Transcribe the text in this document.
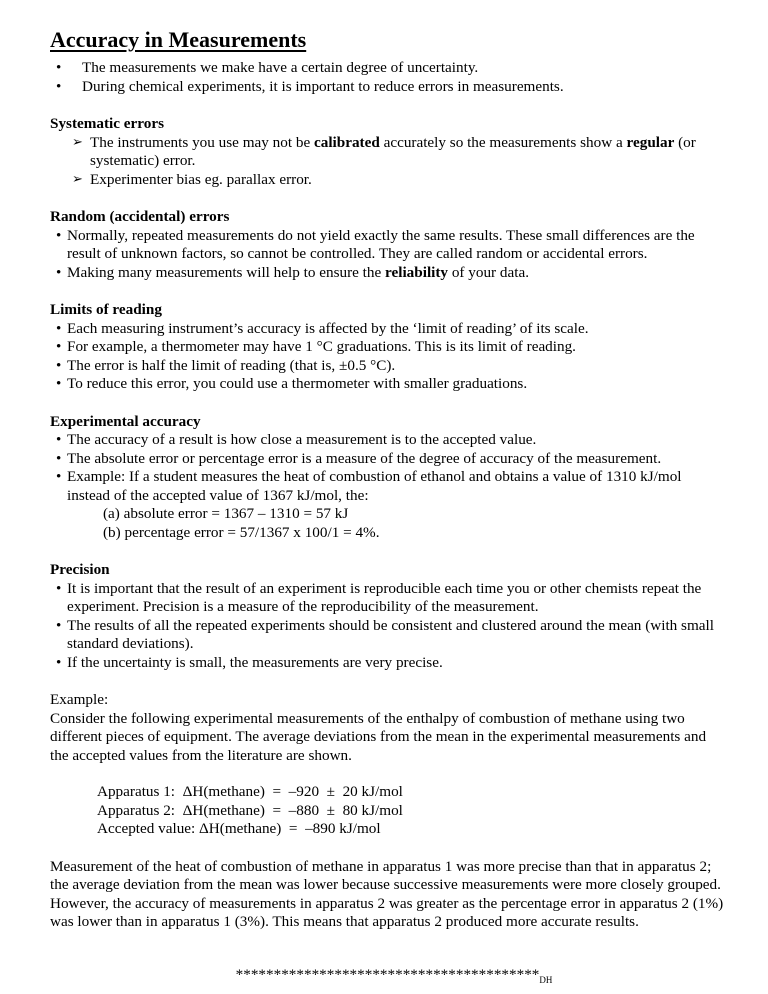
Accuracy in Measurements
• The measurements we make have a certain degree of uncertainty.
• During chemical experiments, it is important to reduce errors in measurements.
Systematic errors
➢ The instruments you use may not be calibrated accurately so the measurements show a regular (or systematic) error.
➢ Experimenter bias eg. parallax error.
Random (accidental) errors
• Normally, repeated measurements do not yield exactly the same results. These small differences are the result of unknown factors, so cannot be controlled. They are called random or accidental errors.
• Making many measurements will help to ensure the reliability of your data.
Limits of reading
• Each measuring instrument’s accuracy is affected by the ‘limit of reading’ of its scale.
• For example, a thermometer may have 1 °C graduations. This is its limit of reading.
• The error is half the limit of reading (that is, ±0.5 °C).
• To reduce this error, you could use a thermometer with smaller graduations.
Experimental accuracy
• The accuracy of a result is how close a measurement is to the accepted value.
• The absolute error or percentage error is a measure of the degree of accuracy of the measurement.
• Example: If a student measures the heat of combustion of ethanol and obtains a value of 1310 kJ/mol instead of the accepted value of 1367 kJ/mol, the:
(a) absolute error = 1367 – 1310 = 57 kJ
(b) percentage error = 57/1367 x 100/1 = 4%.
Precision
• It is important that the result of an experiment is reproducible each time you or other chemists repeat the experiment. Precision is a measure of the reproducibility of the measurement.
• The results of all the repeated experiments should be consistent and clustered around the mean (with small standard deviations).
• If the uncertainty is small, the measurements are very precise.

Example:

Consider the following experimental measurements of the enthalpy of combustion of methane using two different pieces of equipment. The average deviations from the mean in the experimental measurements and the accepted values from the literature are shown.

Apparatus 1:  ΔH(methane)  =  –920  ±  20 kJ/mol
Apparatus 2:  ΔH(methane)  =  –880  ±  80 kJ/mol
Accepted value: ΔH(methane)  =  –890 kJ/mol

Measurement of the heat of combustion of methane in apparatus 1 was more precise than that in apparatus 2; the average deviation from the mean was lower because successive measurements were more closely grouped.

However, the accuracy of measurements in apparatus 2 was greater as the percentage error in apparatus 2 (1%) was lower than in apparatus 1 (3%). This means that apparatus 2 produced more accurate results.

$****************************************_{DH}$
